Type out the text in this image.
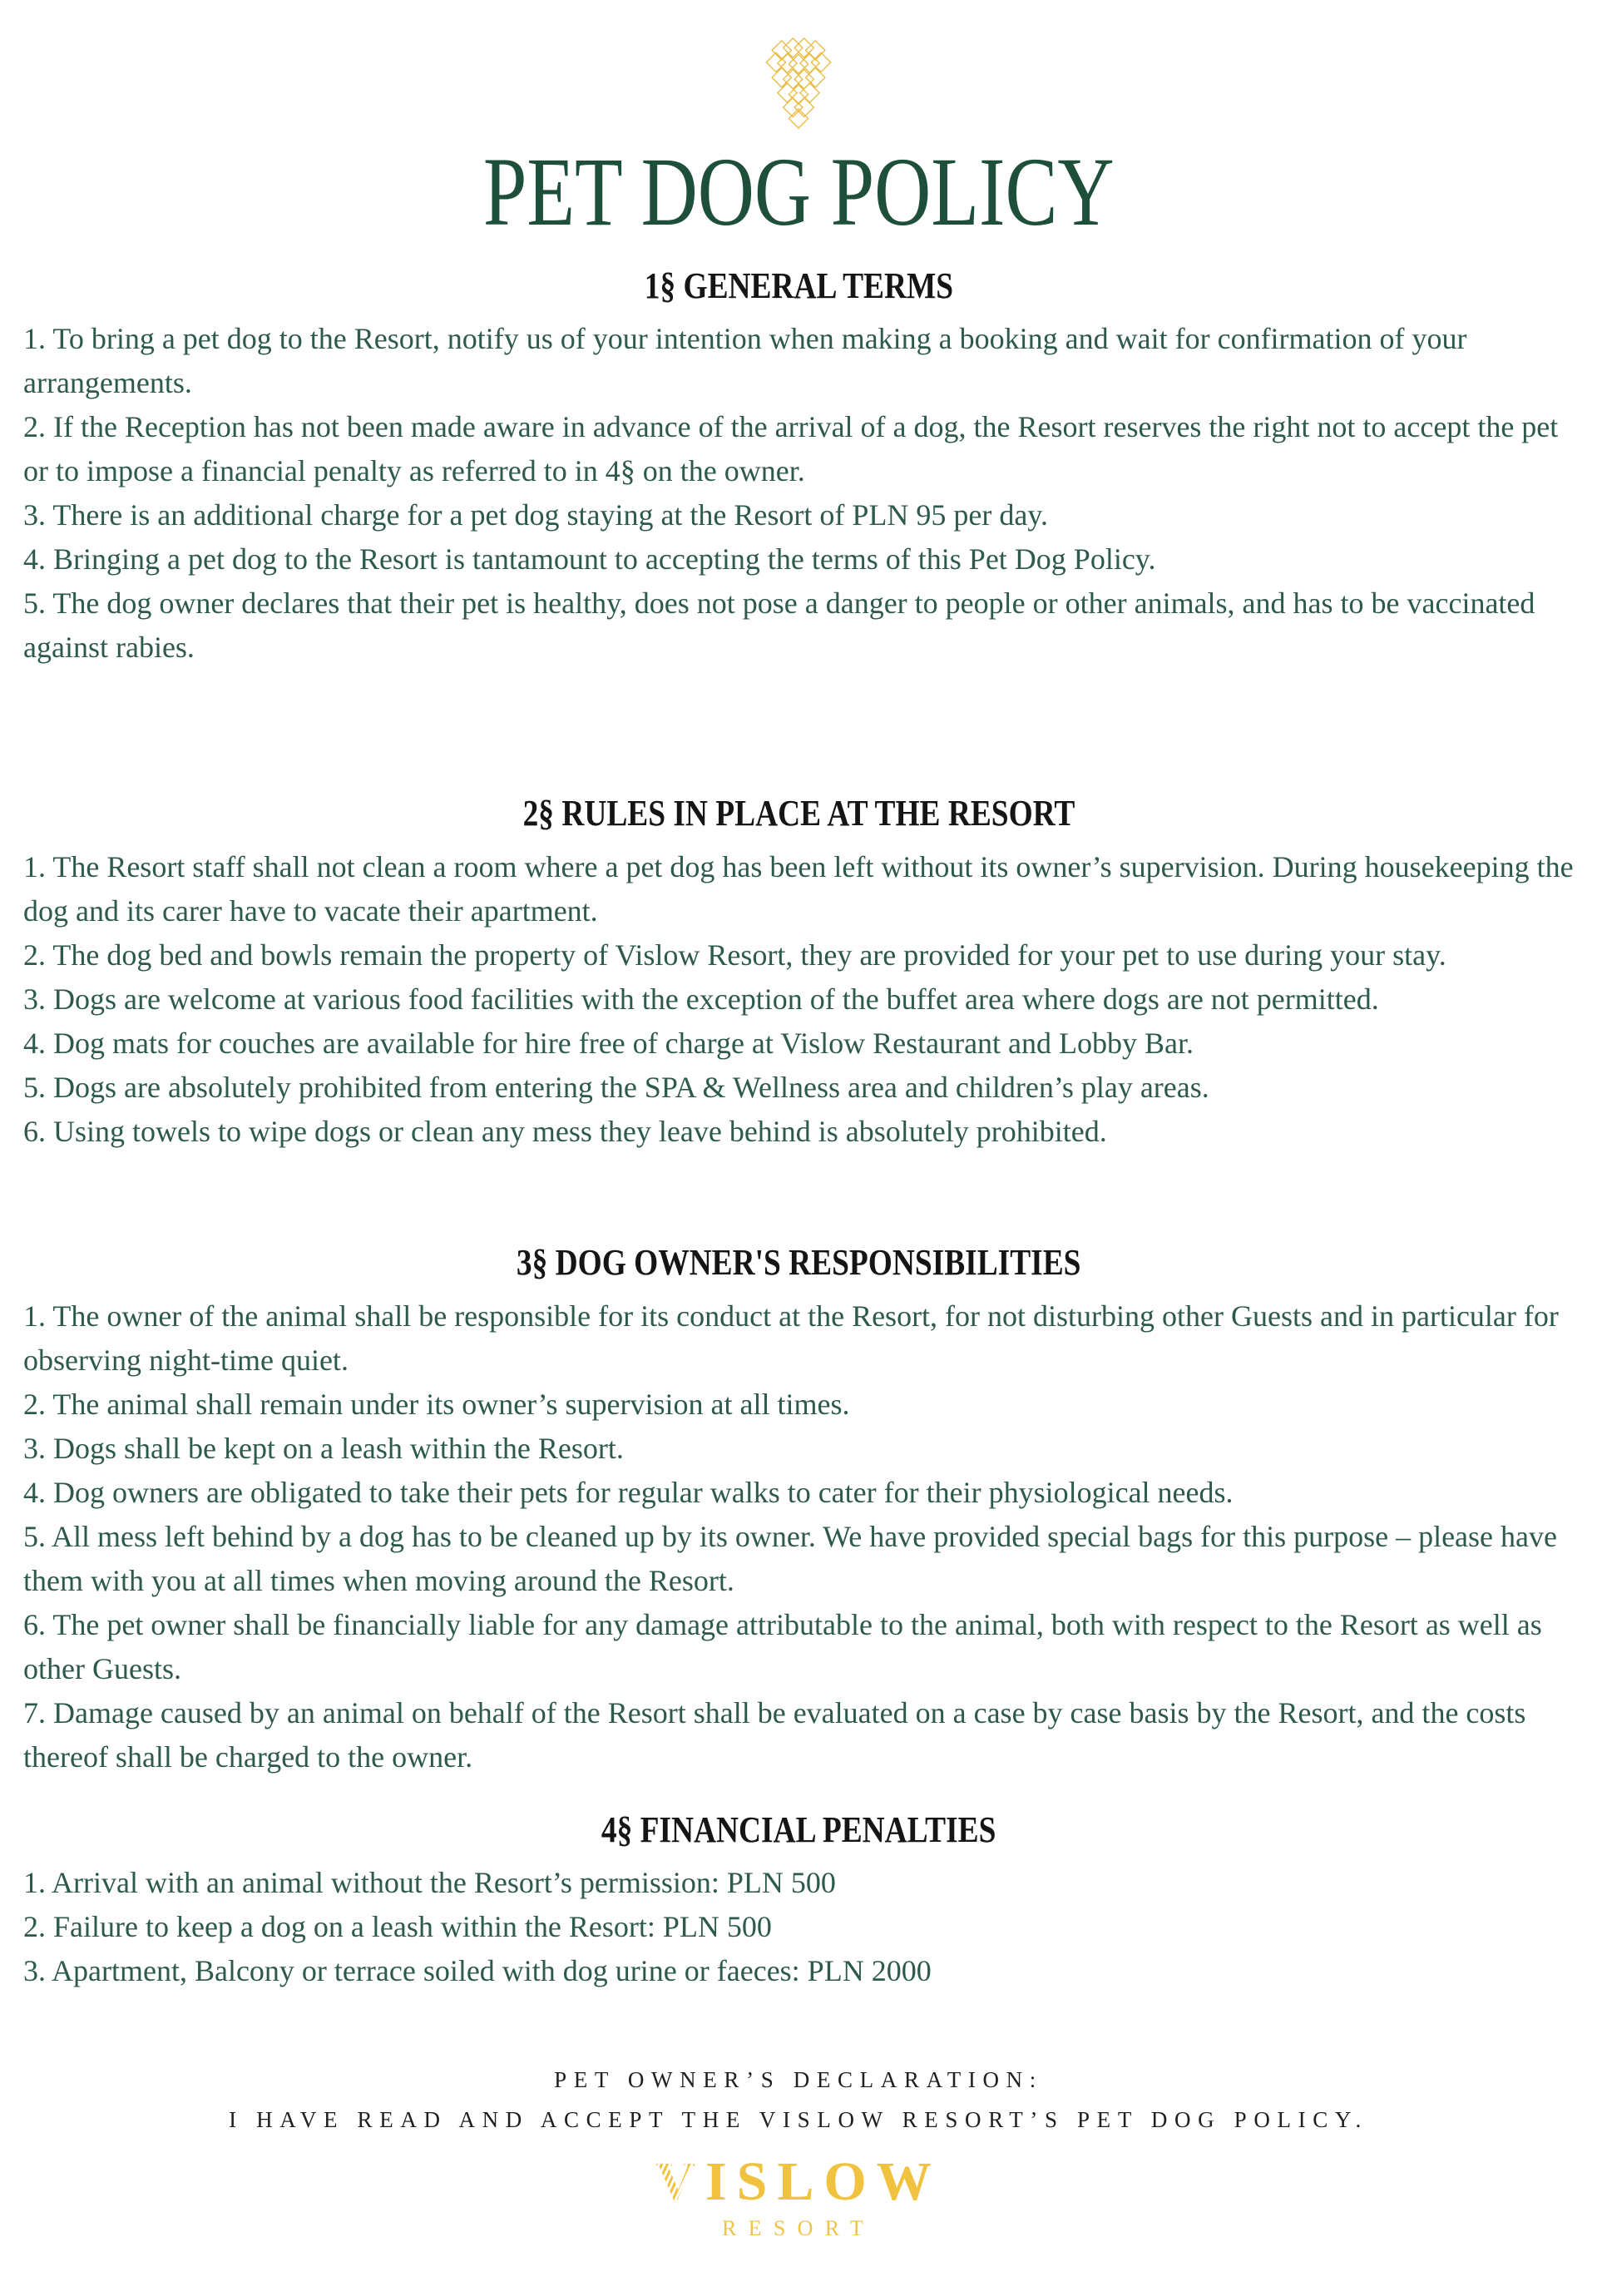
PET DOG POLICY
1§ GENERAL TERMS

1. To bring a pet dog to the Resort, notify us of your intention when making a booking and wait for confirmation of your arrangements.

2. If the Reception has not been made aware in advance of the arrival of a dog, the Resort reserves the right not to accept the pet or to impose a financial penalty as referred to in 4§ on the owner.

3. There is an additional charge for a pet dog staying at the Resort of PLN 95 per day.

4. Bringing a pet dog to the Resort is tantamount to accepting the terms of this Pet Dog Policy.

5. The dog owner declares that their pet is healthy, does not pose a danger to people or other animals, and has to be vaccinated against rabies.

2§ RULES IN PLACE AT THE RESORT

1. The Resort staff shall not clean a room where a pet dog has been left without its owner’s supervision. During housekeeping the dog and its carer have to vacate their apartment.

2. The dog bed and bowls remain the property of Vislow Resort, they are provided for your pet to use during your stay.

3. Dogs are welcome at various food facilities with the exception of the buffet area where dogs are not permitted.

4. Dog mats for couches are available for hire free of charge at Vislow Restaurant and Lobby Bar.

5. Dogs are absolutely prohibited from entering the SPA & Wellness area and children’s play areas.

6. Using towels to wipe dogs or clean any mess they leave behind is absolutely prohibited.

3§ DOG OWNER'S RESPONSIBILITIES

1. The owner of the animal shall be responsible for its conduct at the Resort, for not disturbing other Guests and in particular for observing night-time quiet.

2. The animal shall remain under its owner’s supervision at all times.

3. Dogs shall be kept on a leash within the Resort.

4. Dog owners are obligated to take their pets for regular walks to cater for their physiological needs.

5. All mess left behind by a dog has to be cleaned up by its owner. We have provided special bags for this purpose – please have them with you at all times when moving around the Resort.

6. The pet owner shall be financially liable for any damage attributable to the animal, both with respect to the Resort as well as other Guests.

7. Damage caused by an animal on behalf of the Resort shall be evaluated on a case by case basis by the Resort, and the costs thereof shall be charged to the owner.

4§ FINANCIAL PENALTIES

1. Arrival with an animal without the Resort’s permission: PLN 500

2. Failure to keep a dog on a leash within the Resort: PLN 500

3. Apartment, Balcony or terrace soiled with dog urine or faeces: PLN 2000

PET OWNER’S DECLARATION:

I HAVE READ AND ACCEPT THE VISLOW RESORT’S PET DOG POLICY.

VISLOW
RESORT
